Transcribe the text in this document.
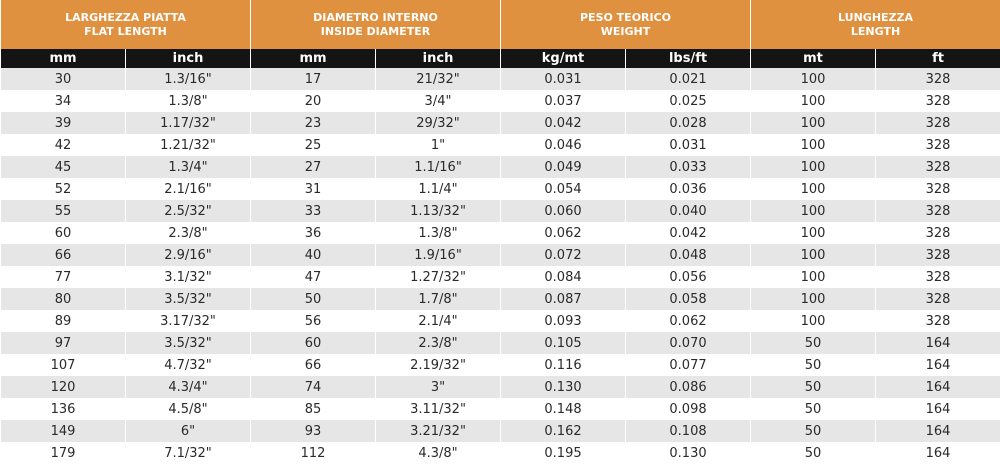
LARGHEZZA PIATTA
FLAT LENGTH		DIAMETRO INTERNO
INSIDE DIAMETER		PESO TEORICO
WEIGHT		LUNGHEZZA
LENGTH	

mm	inch	mm	inch	kg/mt	lbs/ft	mt	ft
30	1.3/16"	17	21/32"	0.031	0.021	100	328
34	1.3/8"	20	3/4"	0.037	0.025	100	328
39	1.17/32"	23	29/32"	0.042	0.028	100	328
42	1.21/32"	25	1"	0.046	0.031	100	328
45	1.3/4"	27	1.1/16"	0.049	0.033	100	328
52	2.1/16"	31	1.1/4"	0.054	0.036	100	328
55	2.5/32"	33	1.13/32"	0.060	0.040	100	328
60	2.3/8"	36	1.3/8"	0.062	0.042	100	328
66	2.9/16"	40	1.9/16"	0.072	0.048	100	328
77	3.1/32"	47	1.27/32"	0.084	0.056	100	328
80	3.5/32"	50	1.7/8"	0.087	0.058	100	328
89	3.17/32"	56	2.1/4"	0.093	0.062	100	328
97	3.5/32"	60	2.3/8"	0.105	0.070	50	164
107	4.7/32"	66	2.19/32"	0.116	0.077	50	164
120	4.3/4"	74	3"	0.130	0.086	50	164
136	4.5/8"	85	3.11/32"	0.148	0.098	50	164
149	6"	93	3.21/32"	0.162	0.108	50	164
179	7.1/32"	112	4.3/8"	0.195	0.130	50	164
